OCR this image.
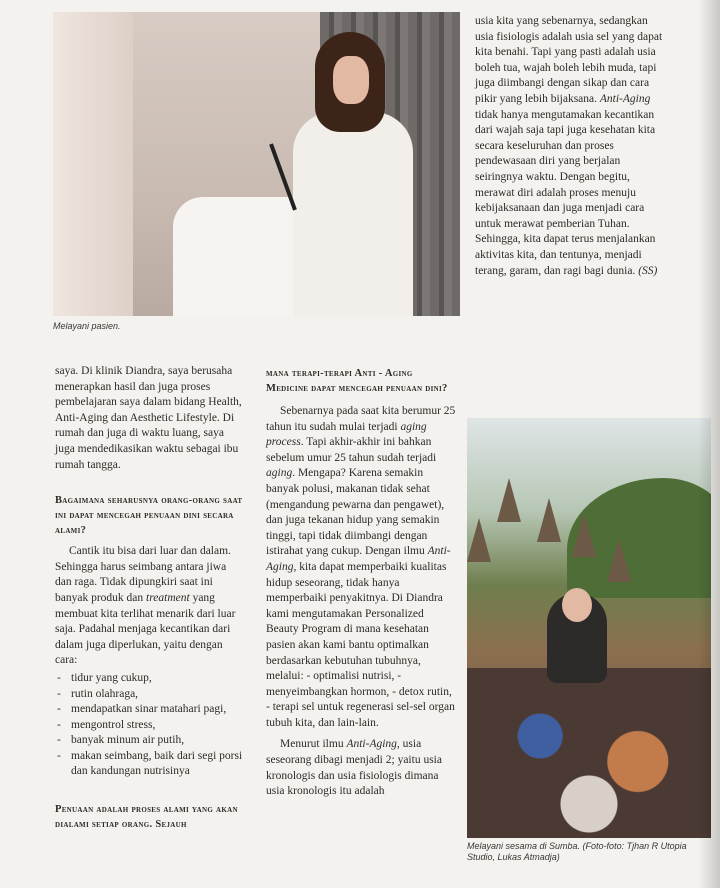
Melayani pasien.

usia kita yang sebenarnya, sedangkan usia fisiologis adalah usia sel yang dapat kita benahi. Tapi yang pasti adalah usia boleh tua, wajah boleh lebih muda, tapi juga diimbangi dengan sikap dan cara pikir yang lebih bijaksana. Anti-Aging tidak hanya mengutamakan kecantikan dari wajah saja tapi juga kesehatan kita secara keseluruhan dan proses pendewasaan diri yang berjalan seiringnya waktu. Dengan begitu, merawat diri adalah proses menuju kebijaksanaan dan juga menjadi cara untuk merawat pemberian Tuhan. Sehingga, kita dapat terus menjalankan aktivitas kita, dan tentunya, menjadi terang, garam, dan ragi bagi dunia. (SS)

saya. Di klinik Diandra, saya berusaha menerapkan hasil dan juga proses pembelajaran saya dalam bidang Health, Anti-Aging dan Aesthetic Lifestyle. Di rumah dan juga di waktu luang, saya juga mendedikasikan waktu sebagai ibu rumah tangga.

Bagaimana seharusnya orang-orang saat ini dapat mencegah penuaan dini secara alami?

Cantik itu bisa dari luar dan dalam. Sehingga harus seimbang antara jiwa dan raga. Tidak dipungkiri saat ini banyak produk dan treatment yang membuat kita terlihat menarik dari luar saja. Padahal menjaga kecantikan dari dalam juga diperlukan, yaitu dengan cara:

- tidur yang cukup,
- rutin olahraga,
- mendapatkan sinar matahari pagi,
- mengontrol stress,
- banyak minum air putih,
- makan seimbang, baik dari segi porsi dan kandungan nutrisinya

Penuaan adalah proses alami yang akan dialami setiap orang. Sejauh

mana terapi-terapi Anti - Aging Medicine dapat mencegah penuaan dini?

Sebenarnya pada saat kita berumur 25 tahun itu sudah mulai terjadi aging process. Tapi akhir-akhir ini bahkan sebelum umur 25 tahun sudah terjadi aging. Mengapa? Karena semakin banyak polusi, makanan tidak sehat (mengandung pewarna dan pengawet), dan juga tekanan hidup yang semakin tinggi, tapi tidak diimbangi dengan istirahat yang cukup. Dengan ilmu Anti-Aging, kita dapat memperbaiki kualitas hidup seseorang, tidak hanya memperbaiki penyakitnya. Di Diandra kami mengutamakan Personalized Beauty Program di mana kesehatan pasien akan kami bantu optimalkan berdasarkan kebutuhan tubuhnya, melalui: - optimalisi nutrisi, - menyeimbangkan hormon, - detox rutin, - terapi sel untuk regenerasi sel-sel organ tubuh kita, dan lain-lain.

Menurut ilmu Anti-Aging, usia seseorang dibagi menjadi 2; yaitu usia kronologis dan usia fisiologis dimana usia kronologis itu adalah

Melayani sesama di Sumba. (Foto-foto: Tjhan R Utopia Studio, Lukas Atmadja)
